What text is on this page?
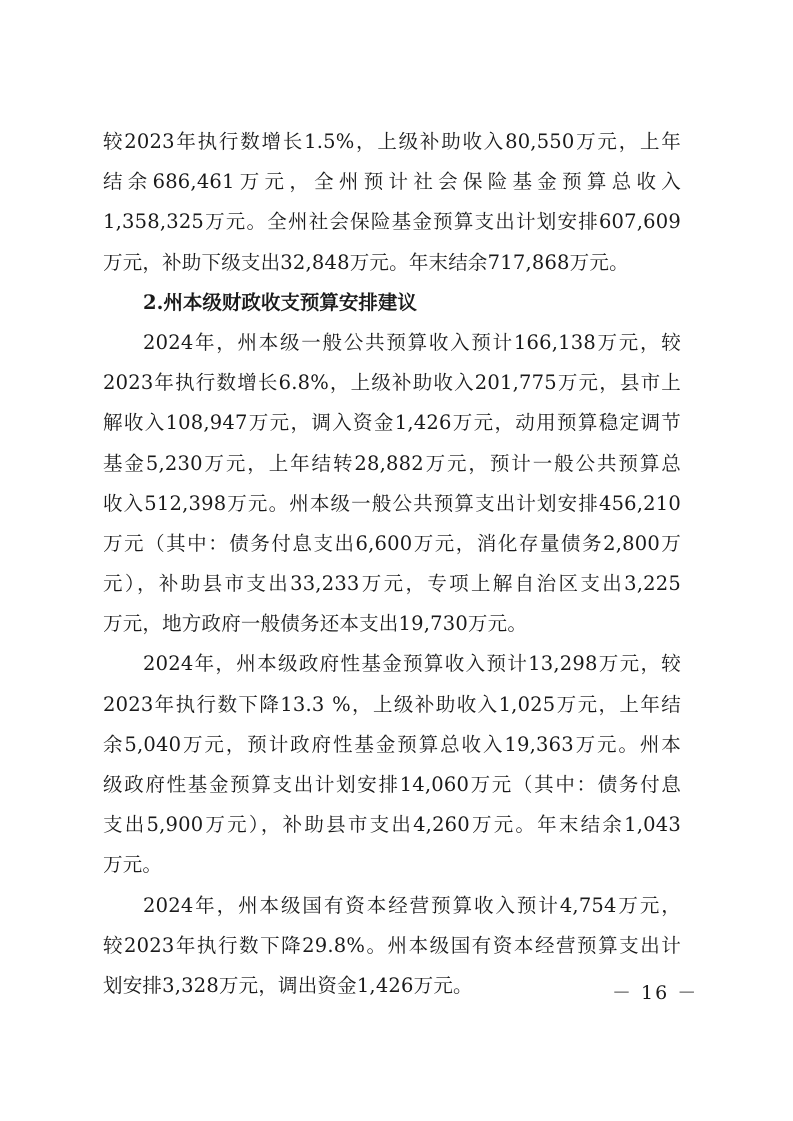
较2023年执行数增长1.5%，上级补助收入80,550万元，上年
结余686,461万元，全州预计社会保险基金预算总收入
1,358,325万元。全州社会保险基金预算支出计划安排607,609
万元，补助下级支出32,848万元。年末结余717,868万元。
2.州本级财政收支预算安排建议
2024年，州本级一般公共预算收入预计166,138万元，较
2023年执行数增长6.8%，上级补助收入201,775万元，县市上
解收入108,947万元，调入资金1,426万元，动用预算稳定调节
基金5,230万元，上年结转28,882万元，预计一般公共预算总
收入512,398万元。州本级一般公共预算支出计划安排456,210
万元（其中：债务付息支出6,600万元，消化存量债务2,800万
元），补助县市支出33,233万元，专项上解自治区支出3,225
万元，地方政府一般债务还本支出19,730万元。
2024年，州本级政府性基金预算收入预计13,298万元，较
2023年执行数下降13.3 %，上级补助收入1,025万元，上年结
余5,040万元，预计政府性基金预算总收入19,363万元。州本
级政府性基金预算支出计划安排14,060万元（其中：债务付息
支出5,900万元），补助县市支出4,260万元。年末结余1,043
万元。
2024年，州本级国有资本经营预算收入预计4,754万元，
较2023年执行数下降29.8%。州本级国有资本经营预算支出计
划安排3,328万元，调出资金1,426万元。	－ 16 －
